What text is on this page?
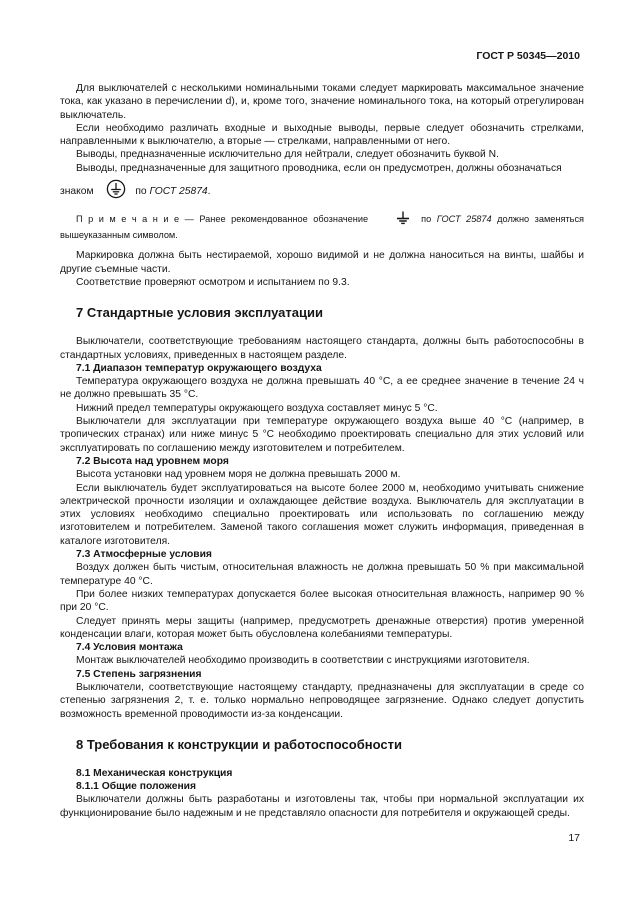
ГОСТ Р 50345—2010

Для выключателей с несколькими номинальными токами следует маркировать максимальное значение тока, как указано в перечислении d), и, кроме того, значение номинального тока, на который отрегулирован выключатель.

Если необходимо различать входные и выходные выводы, первые следует обозначить стрелками, направленными к выключателю, а вторые — стрелками, направленными от него.

Выводы, предназначенные исключительно для нейтрали, следует обозначить буквой N.

Выводы, предназначенные для защитного проводника, если он предусмотрен, должны обозначаться

знаком	по ГОСТ 25874.

П р и м е ч а н и е — Ранее рекомендованное обозначение	по ГОСТ 25874 должно заменяться вышеуказанным символом.

Маркировка должна быть нестираемой, хорошо видимой и не должна наноситься на винты, шайбы и другие съемные части.

Соответствие проверяют осмотром и испытанием по 9.3.

7 Стандартные условия эксплуатации

Выключатели, соответствующие требованиям настоящего стандарта, должны быть работоспособны в стандартных условиях, приведенных в настоящем разделе.

7.1 Диапазон температур окружающего воздуха

Температура окружающего воздуха не должна превышать 40 °С, а ее среднее значение в течение 24 ч не должно превышать 35 °С.

Нижний предел температуры окружающего воздуха составляет минус 5 °С.

Выключатели для эксплуатации при температуре окружающего воздуха выше 40 °С (например, в тропических странах) или ниже минус 5 °С необходимо проектировать специально для этих условий или эксплуатировать по соглашению между изготовителем и потребителем.

7.2 Высота над уровнем моря

Высота установки над уровнем моря не должна превышать 2000 м.

Если выключатель будет эксплуатироваться на высоте более 2000 м, необходимо учитывать снижение электрической прочности изоляции и охлаждающее действие воздуха. Выключатель для эксплуатации в этих условиях необходимо специально проектировать или использовать по соглашению между изготовителем и потребителем. Заменой такого соглашения может служить информация, приведенная в каталоге изготовителя.

7.3 Атмосферные условия

Воздух должен быть чистым, относительная влажность не должна превышать 50 % при максимальной температуре 40 °С.

При более низких температурах допускается более высокая относительная влажность, например 90 % при 20 °С.

Следует принять меры защиты (например, предусмотреть дренажные отверстия) против умеренной конденсации влаги, которая может быть обусловлена колебаниями температуры.

7.4 Условия монтажа

Монтаж выключателей необходимо производить в соответствии с инструкциями изготовителя.

7.5 Степень загрязнения

Выключатели, соответствующие настоящему стандарту, предназначены для эксплуатации в среде со степенью загрязнения 2, т. е. только нормально непроводящее загрязнение. Однако следует допустить возможность временной проводимости из-за конденсации.

8 Требования к конструкции и работоспособности

8.1 Механическая конструкция

8.1.1 Общие положения

Выключатели должны быть разработаны и изготовлены так, чтобы при нормальной эксплуатации их функционирование было надежным и не представляло опасности для потребителя и окружающей среды.

17
